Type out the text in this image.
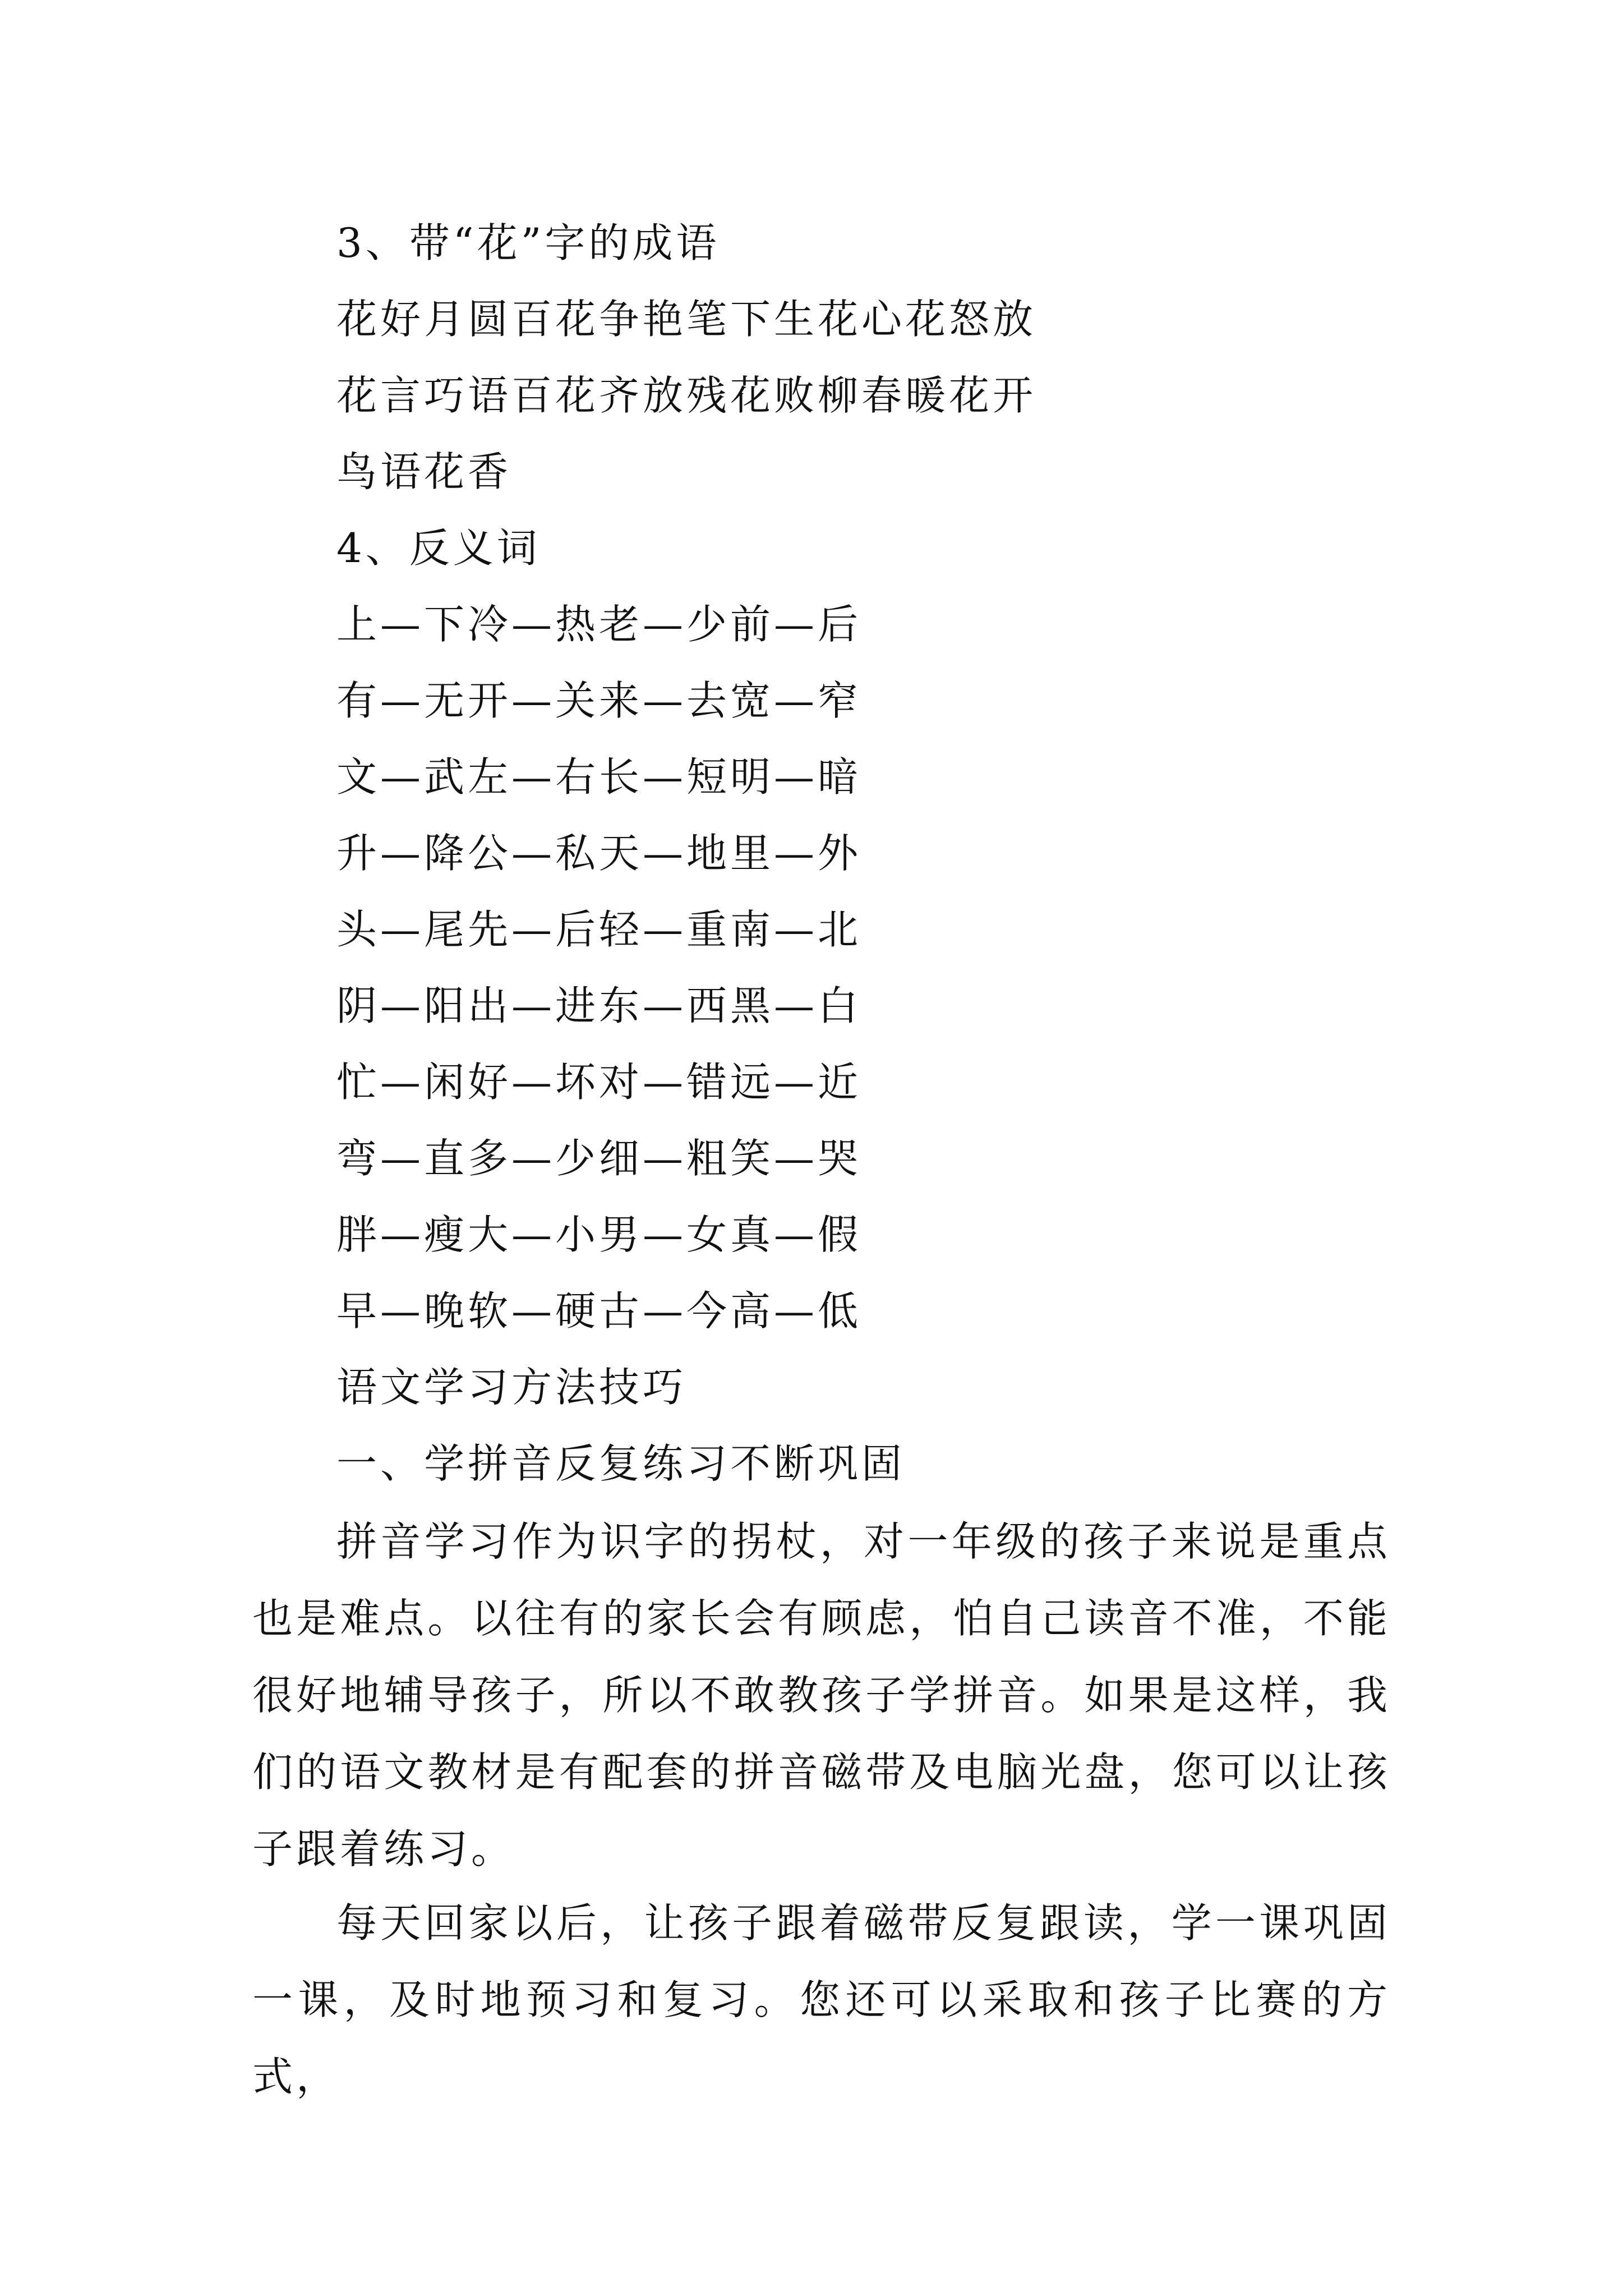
3、带“花”字的成语
花好月圆百花争艳笔下生花心花怒放
花言巧语百花齐放残花败柳春暖花开
鸟语花香
4、反义词
上—下冷—热老—少前—后
有—无开—关来—去宽—窄
文—武左—右长—短明—暗
升—降公—私天—地里—外
头—尾先—后轻—重南—北
阴—阳出—进东—西黑—白
忙—闲好—坏对—错远—近
弯—直多—少细—粗笑—哭
胖—瘦大—小男—女真—假
早—晚软—硬古—今高—低
语文学习方法技巧
一、学拼音反复练习不断巩固
拼音学习作为识字的拐杖，对一年级的孩子来说是重点也是难点。以往有的家长会有顾虑，怕自己读音不准，不能很好地辅导孩子，所以不敢教孩子学拼音。如果是这样，我们的语文教材是有配套的拼音磁带及电脑光盘，您可以让孩子跟着练习。
每天回家以后，让孩子跟着磁带反复跟读，学一课巩固一课，及时地预习和复习。您还可以采取和孩子比赛的方式，
